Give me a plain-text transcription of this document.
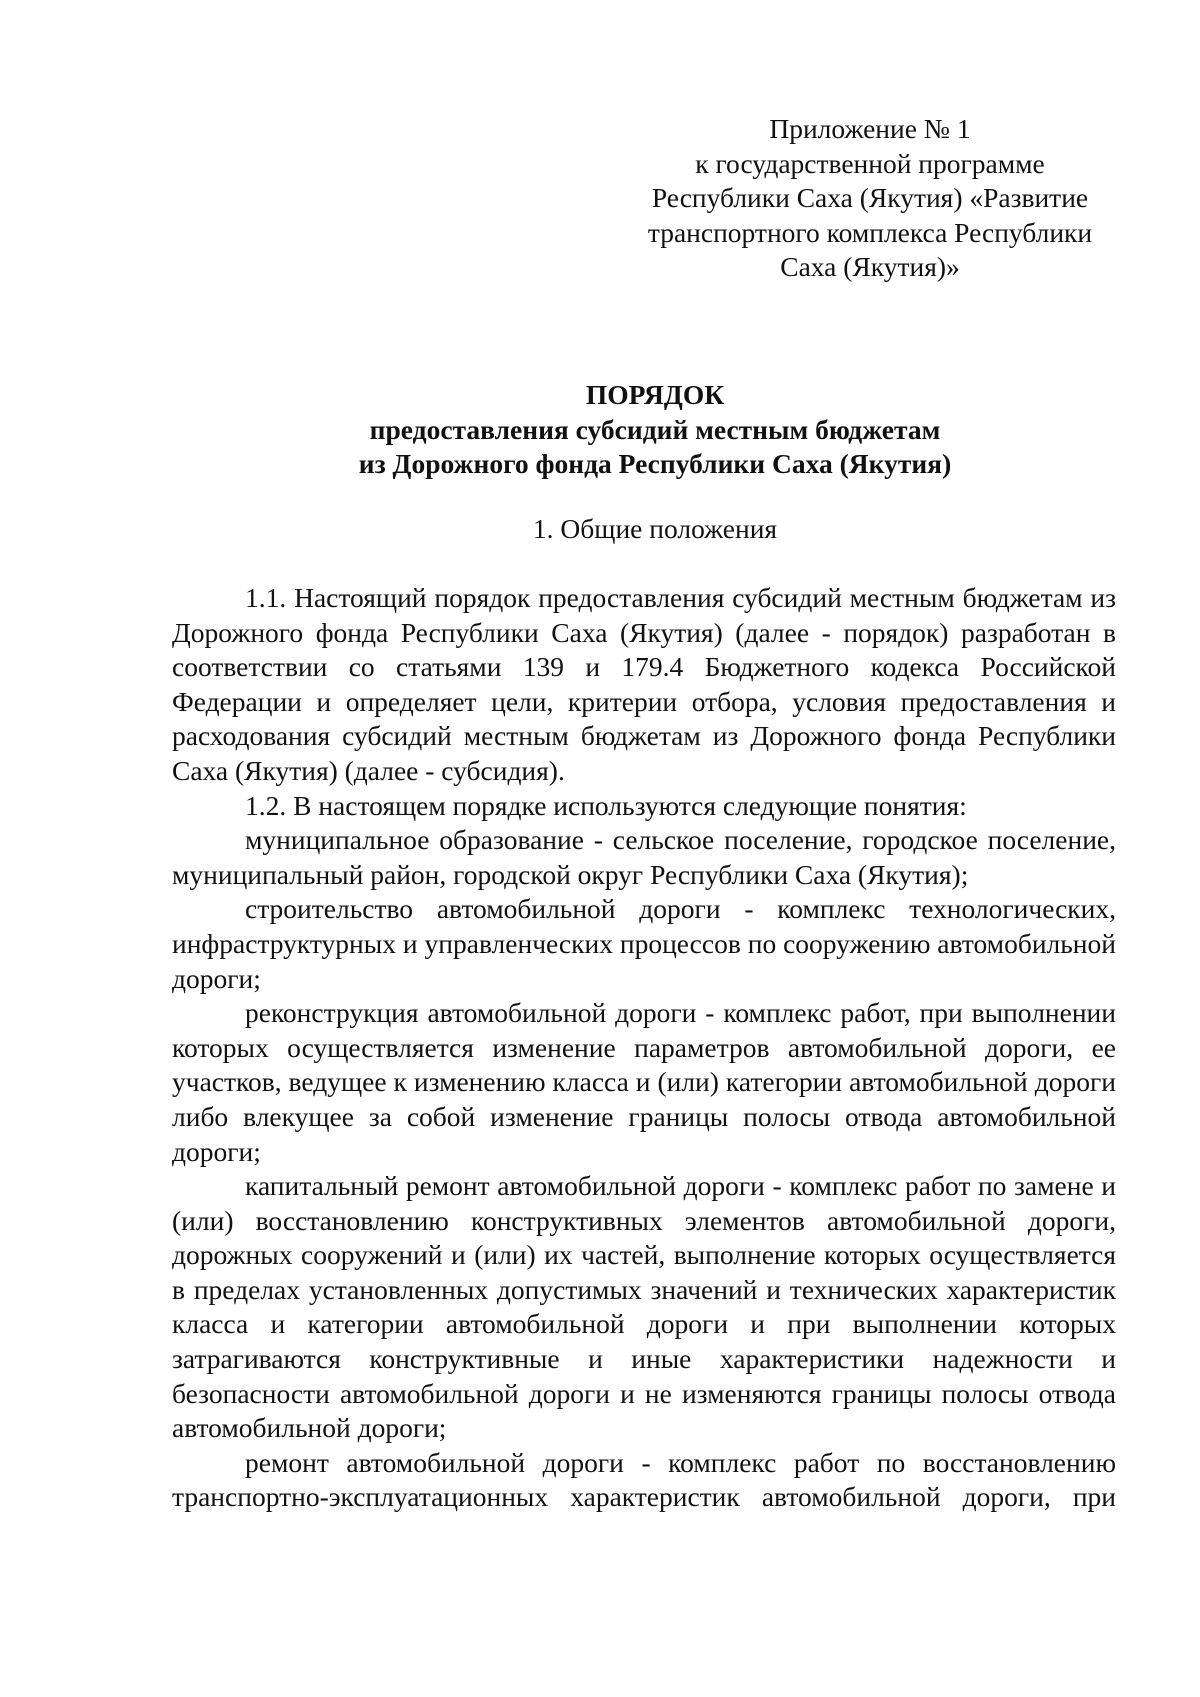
Приложение № 1
к государственной программе
Республики Саха (Якутия) «Развитие
транспортного комплекса Республики
Саха (Якутия)»
ПОРЯДОК
предоставления субсидий местным бюджетам
из Дорожного фонда Республики Саха (Якутия)
1. Общие положения

1.1. Настоящий порядок предоставления субсидий местным бюджетам из Дорожного фонда Республики Саха (Якутия) (далее - порядок) разработан в соответствии со статьями 139 и 179.4 Бюджетного кодекса Российской Федерации и определяет цели, критерии отбора, условия предоставления и расходования субсидий местным бюджетам из Дорожного фонда Республики Саха (Якутия) (далее - субсидия).

1.2. В настоящем порядке используются следующие понятия:

муниципальное образование - сельское поселение, городское поселение, муниципальный район, городской округ Республики Саха (Якутия);

строительство автомобильной дороги - комплекс технологических, инфраструктурных и управленческих процессов по сооружению автомобильной дороги;

реконструкция автомобильной дороги - комплекс работ, при выполнении которых осуществляется изменение параметров автомобильной дороги, ее участков, ведущее к изменению класса и (или) категории автомобильной дороги либо влекущее за собой изменение границы полосы отвода автомобильной дороги;

капитальный ремонт автомобильной дороги - комплекс работ по замене и (или) восстановлению конструктивных элементов автомобильной дороги, дорожных сооружений и (или) их частей, выполнение которых осуществляется в пределах установленных допустимых значений и технических характеристик класса и категории автомобильной дороги и при выполнении которых затрагиваются конструктивные и иные характеристики надежности и безопасности автомобильной дороги и не изменяются границы полосы отвода автомобильной дороги;

ремонт автомобильной дороги - комплекс работ по восстановлению транспортно-эксплуатационных характеристик автомобильной дороги, при
